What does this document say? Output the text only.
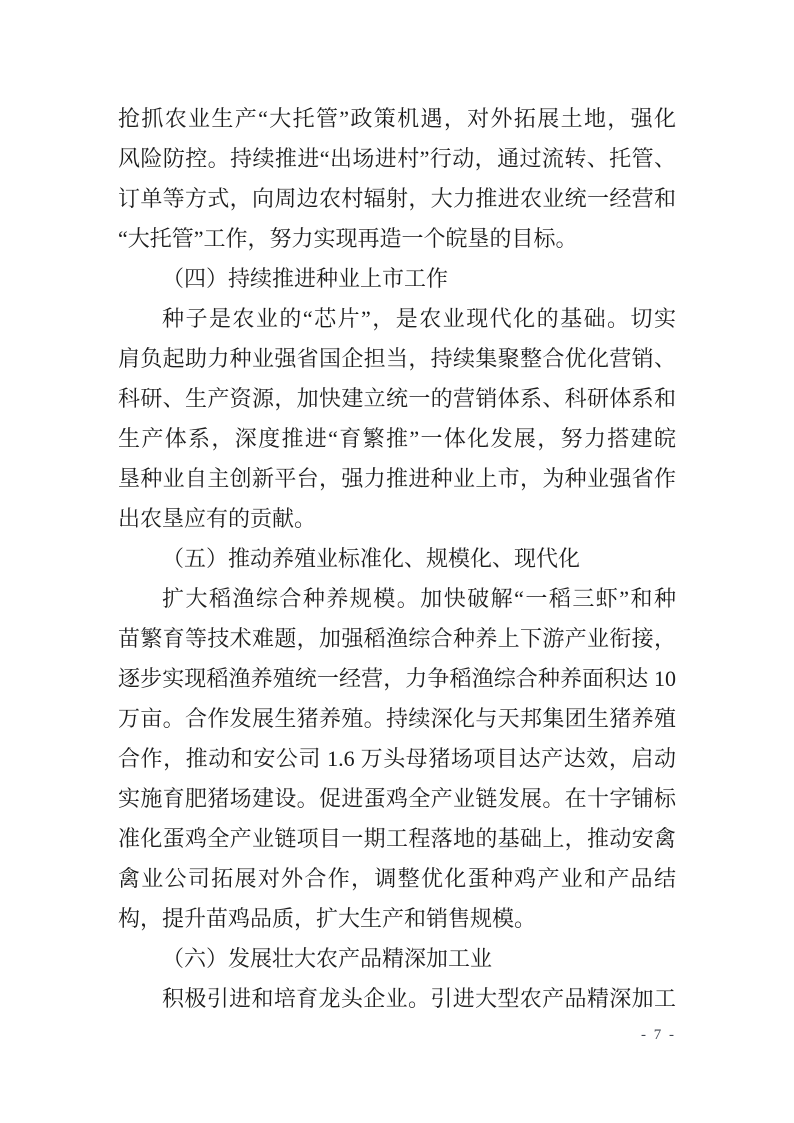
抢抓农业生产“大托管”政策机遇，对外拓展土地，强化
风险防控。持续推进“出场进村”行动，通过流转、托管、
订单等方式，向周边农村辐射，大力推进农业统一经营和
“大托管”工作，努力实现再造一个皖垦的目标。
（四）持续推进种业上市工作
种子是农业的“芯片”，是农业现代化的基础。切实
肩负起助力种业强省国企担当，持续集聚整合优化营销、
科研、生产资源，加快建立统一的营销体系、科研体系和
生产体系，深度推进“育繁推”一体化发展，努力搭建皖
垦种业自主创新平台，强力推进种业上市，为种业强省作
出农垦应有的贡献。
（五）推动养殖业标准化、规模化、现代化
扩大稻渔综合种养规模。加快破解“一稻三虾”和种
苗繁育等技术难题，加强稻渔综合种养上下游产业衔接，
逐步实现稻渔养殖统一经营，力争稻渔综合种养面积达 10
万亩。合作发展生猪养殖。持续深化与天邦集团生猪养殖
合作，推动和安公司 1.6 万头母猪场项目达产达效，启动
实施育肥猪场建设。促进蛋鸡全产业链发展。在十字铺标
准化蛋鸡全产业链项目一期工程落地的基础上，推动安禽
禽业公司拓展对外合作，调整优化蛋种鸡产业和产品结
构，提升苗鸡品质，扩大生产和销售规模。
（六）发展壮大农产品精深加工业
积极引进和培育龙头企业。引进大型农产品精深加工
- 7 -
